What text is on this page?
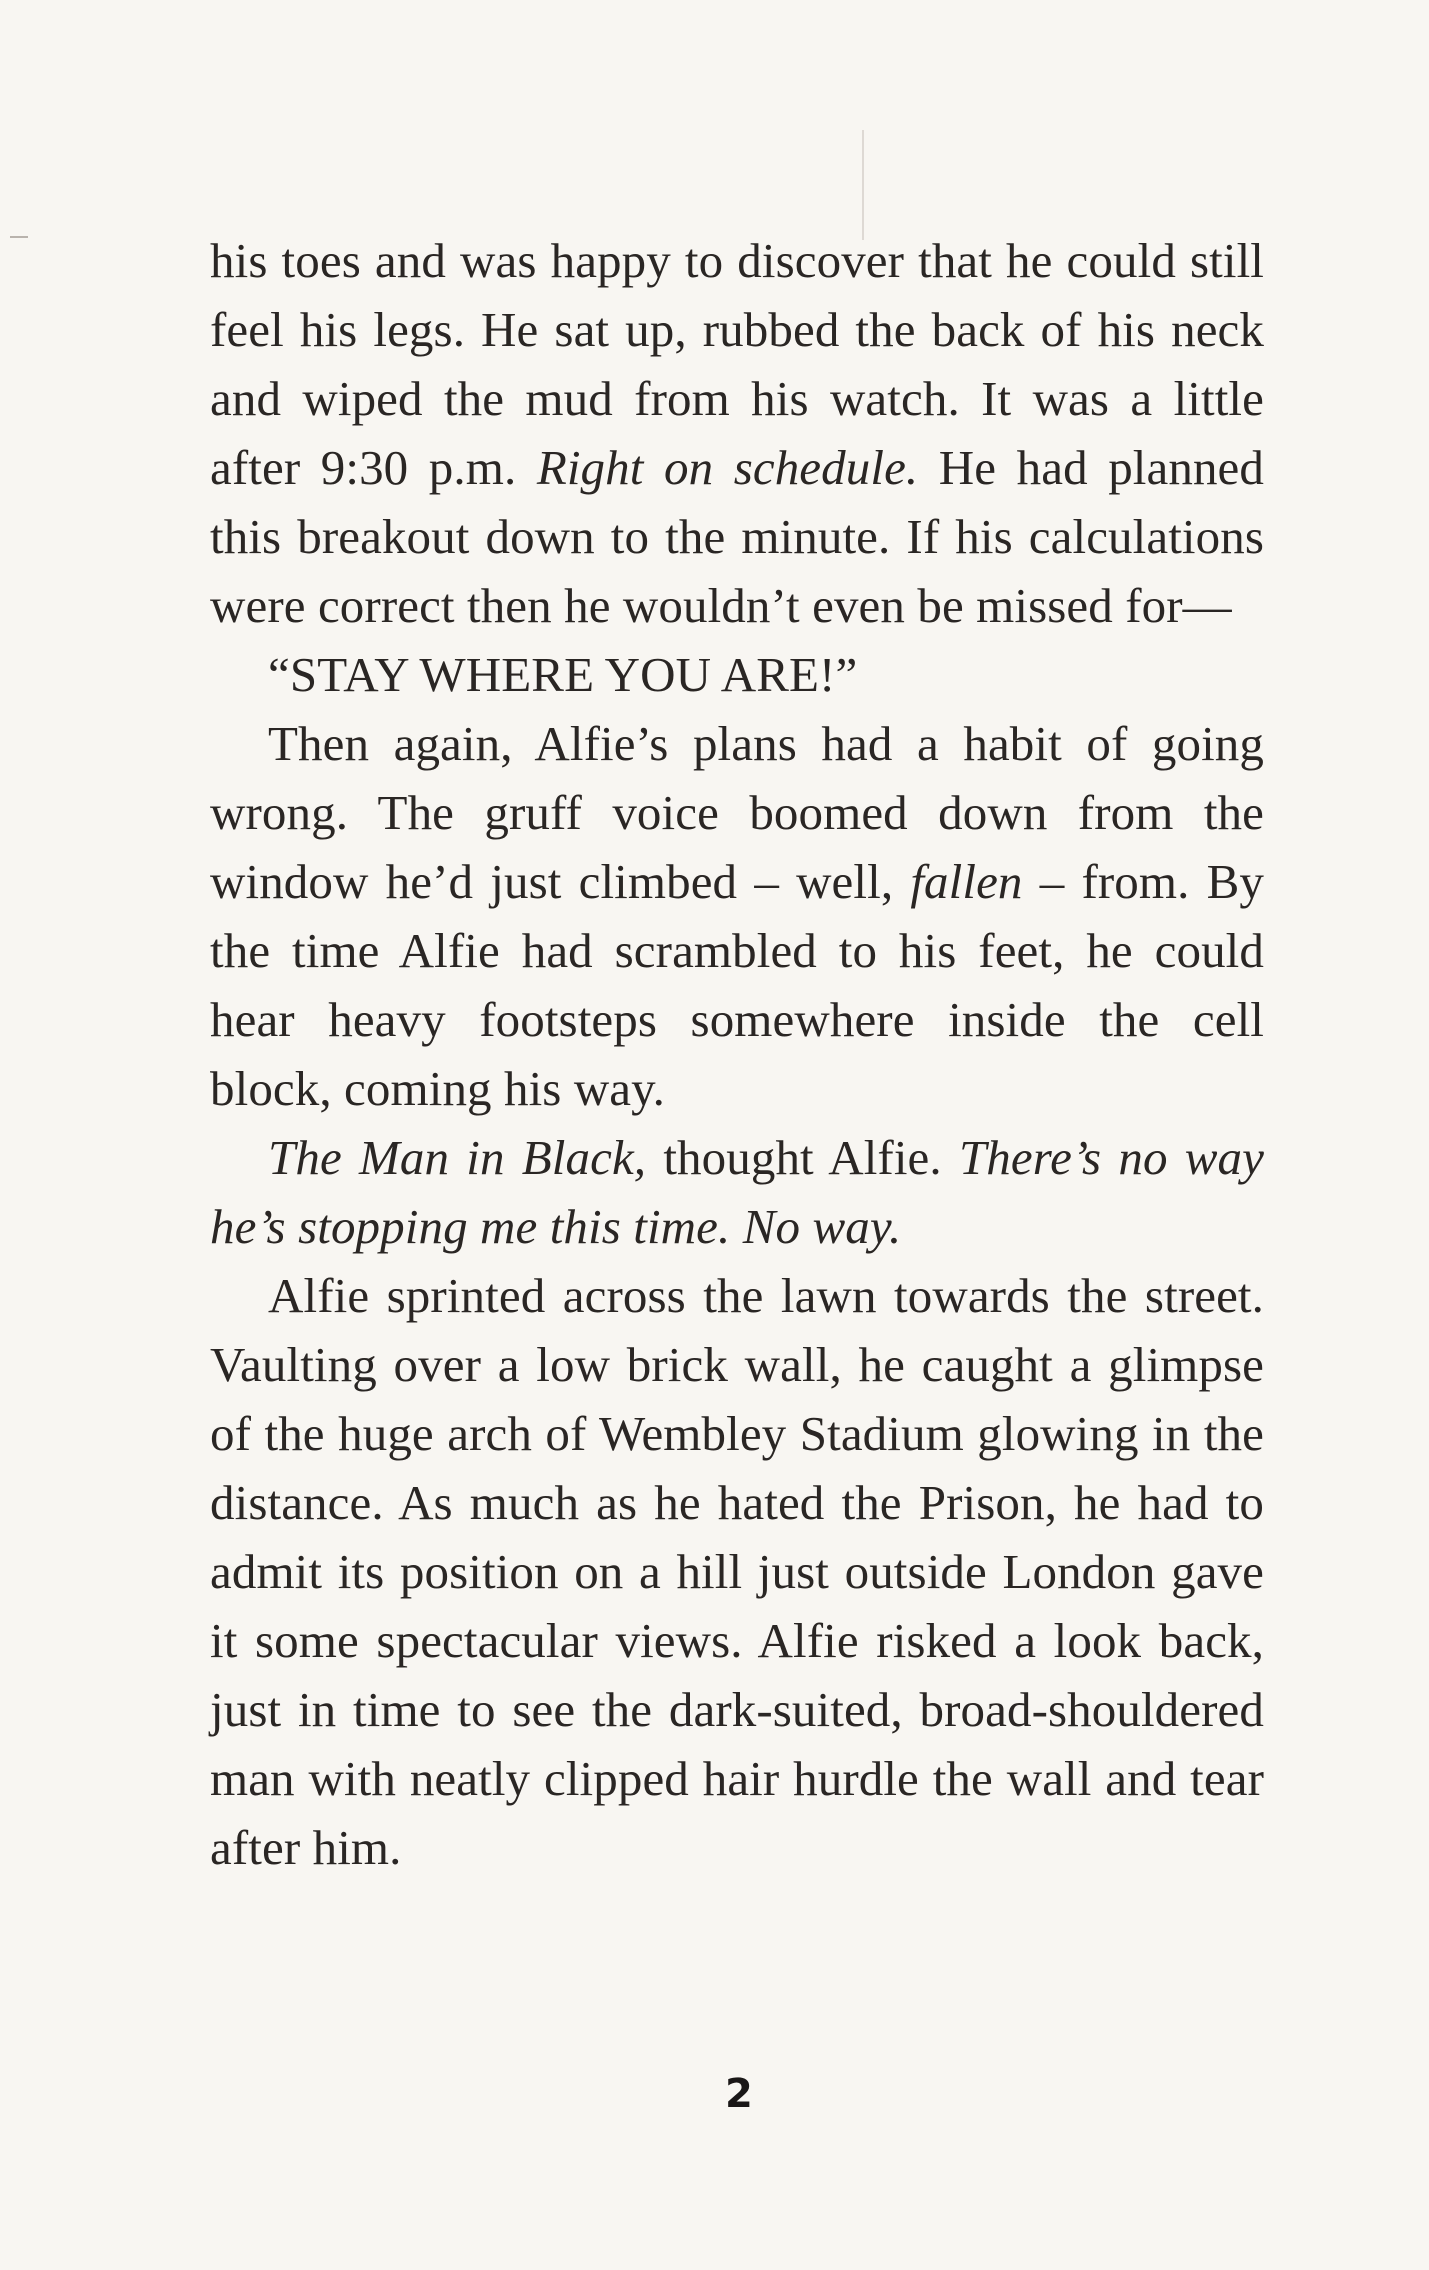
his toes and was happy to discover that he could still feel his legs. He sat up, rubbed the back of his neck and wiped the mud from his watch. It was a little after 9:30 p.m. Right on schedule. He had planned this breakout down to the minute. If his calculations were correct then he wouldn’t even be missed for—

“STAY WHERE YOU ARE!”

Then again, Alfie’s plans had a habit of going wrong. The gruff voice boomed down from the window he’d just climbed – well, fallen – from. By the time Alfie had scrambled to his feet, he could hear heavy footsteps somewhere inside the cell block, coming his way.

The Man in Black, thought Alfie. There’s no way he’s stopping me this time. No way.

Alfie sprinted across the lawn towards the street. Vaulting over a low brick wall, he caught a glimpse of the huge arch of Wembley Stadium glowing in the distance. As much as he hated the Prison, he had to admit its position on a hill just outside London gave it some spectacular views. Alfie risked a look back, just in time to see the dark-suited, broad-shouldered man with neatly clipped hair hurdle the wall and tear after him.

2
